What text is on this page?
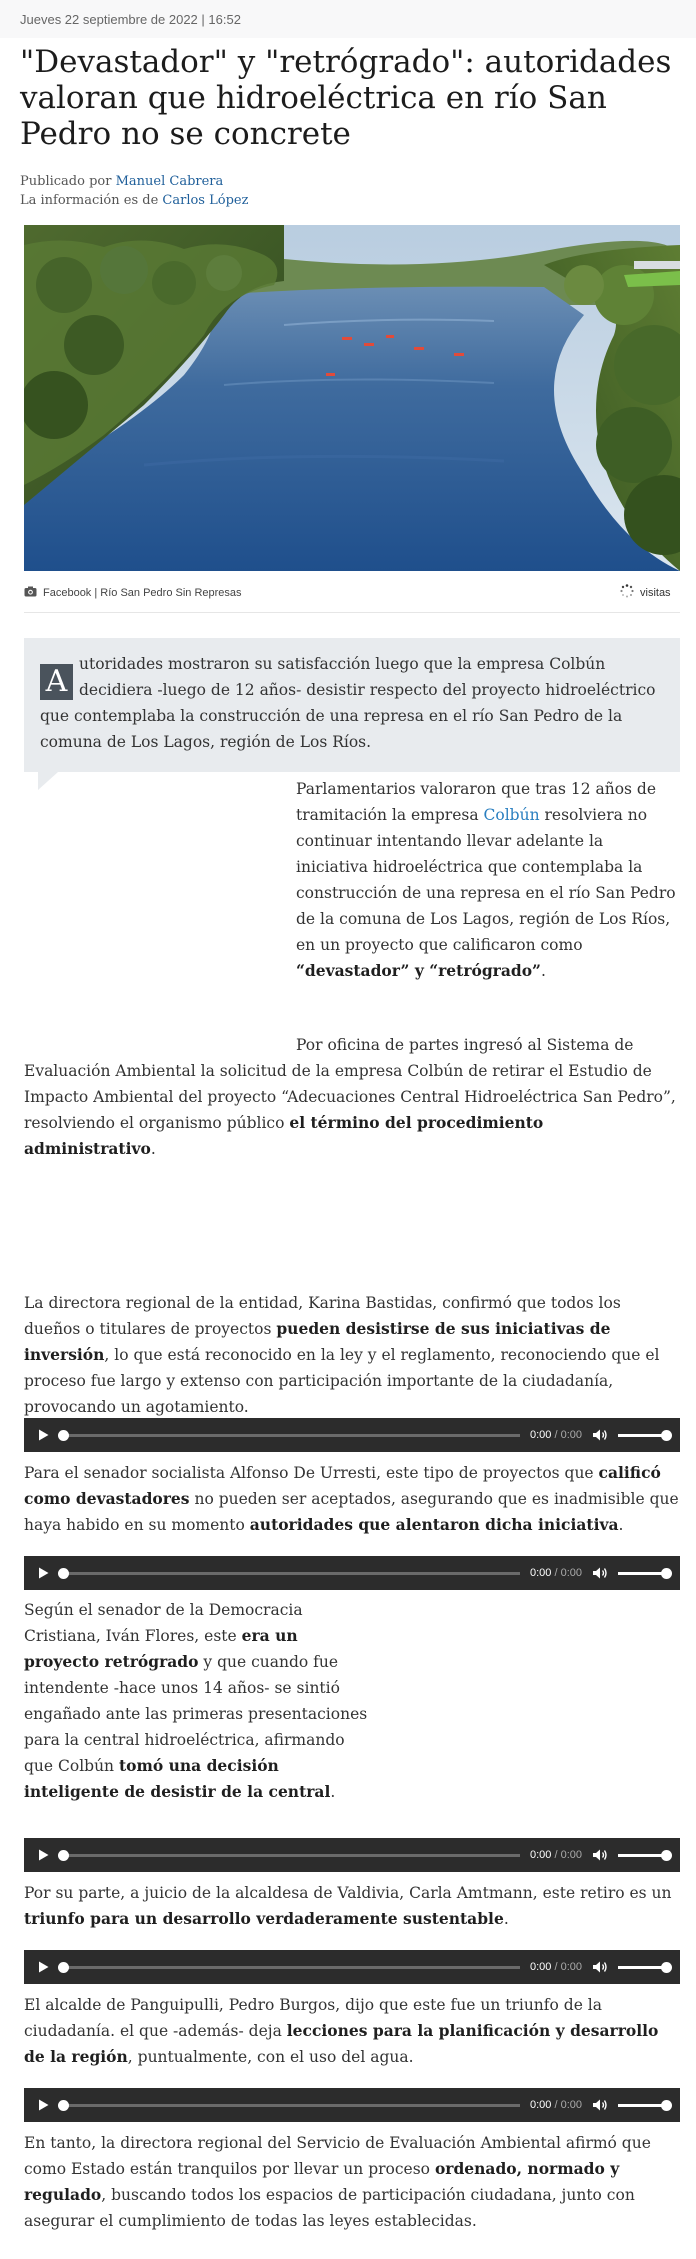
Jueves 22 septiembre de 2022 | 16:52
"Devastador" y "retrógrado": autoridades valoran que hidroeléctrica en río San Pedro no se concrete
Publicado por Manuel Cabrera
La información es de Carlos López
Facebook | Río San Pedro Sin Represas	visitas
A utoridades mostraron su satisfacción luego que la empresa Colbún decidiera -luego de 12 años- desistir respecto del proyecto hidroeléctrico que contemplaba la construcción de una represa en el río San Pedro de la comuna de Los Lagos, región de Los Ríos.

Parlamentarios valoraron que tras 12 años de tramitación la empresa Colbún resolviera no continuar intentando llevar adelante la iniciativa hidroeléctrica que contemplaba la construcción de una represa en el río San Pedro de la comuna de Los Lagos, región de Los Ríos, en un proyecto que calificaron como “devastador” y “retrógrado”.

Por oficina de partes ingresó al Sistema de Evaluación Ambiental la solicitud de la empresa Colbún de retirar el Estudio de Impacto Ambiental del proyecto “Adecuaciones Central Hidroeléctrica San Pedro”, resolviendo el organismo público el término del procedimiento administrativo.

La directora regional de la entidad, Karina Bastidas, confirmó que todos los dueños o titulares de proyectos pueden desistirse de sus iniciativas de inversión, lo que está reconocido en la ley y el reglamento, reconociendo que el proceso fue largo y extenso con participación importante de la ciudadanía, provocando un agotamiento.

0:00 / 0:00

Para el senador socialista Alfonso De Urresti, este tipo de proyectos que calificó como devastadores no pueden ser aceptados, asegurando que es inadmisible que haya habido en su momento autoridades que alentaron dicha iniciativa.

0:00 / 0:00

Según el senador de la Democracia Cristiana, Iván Flores, este era un proyecto retrógrado y que cuando fue intendente -hace unos 14 años- se sintió engañado ante las primeras presentaciones para la central hidroeléctrica, afirmando que Colbún tomó una decisión inteligente de desistir de la central.

0:00 / 0:00

Por su parte, a juicio de la alcaldesa de Valdivia, Carla Amtmann, este retiro es un triunfo para un desarrollo verdaderamente sustentable.

0:00 / 0:00

El alcalde de Panguipulli, Pedro Burgos, dijo que este fue un triunfo de la ciudadanía. el que -además- deja lecciones para la planificación y desarrollo de la región, puntualmente, con el uso del agua.

0:00 / 0:00

En tanto, la directora regional del Servicio de Evaluación Ambiental afirmó que como Estado están tranquilos por llevar un proceso ordenado, normado y regulado, buscando todos los espacios de participación ciudadana, junto con asegurar el cumplimiento de todas las leyes establecidas.
